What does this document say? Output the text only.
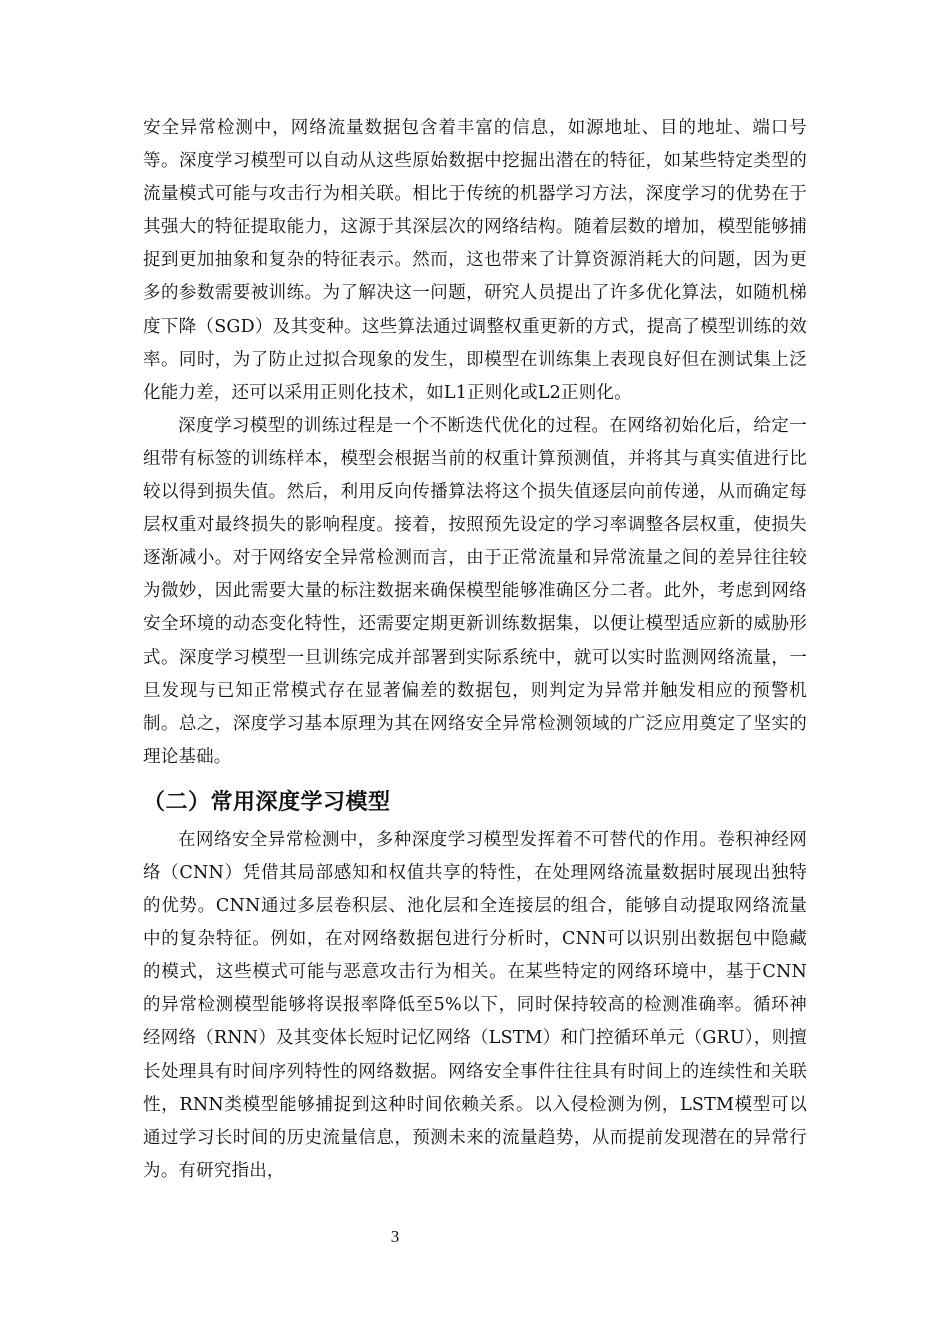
安全异常检测中，网络流量数据包含着丰富的信息，如源地址、目的地址、端口号等。深度学习模型可以自动从这些原始数据中挖掘出潜在的特征，如某些特定类型的流量模式可能与攻击行为相关联。相比于传统的机器学习方法，深度学习的优势在于其强大的特征提取能力，这源于其深层次的网络结构。随着层数的增加，模型能够捕捉到更加抽象和复杂的特征表示。然而，这也带来了计算资源消耗大的问题，因为更多的参数需要被训练。为了解决这一问题，研究人员提出了许多优化算法，如随机梯度下降（SGD）及其变种。这些算法通过调整权重更新的方式，提高了模型训练的效率。同时，为了防止过拟合现象的发生，即模型在训练集上表现良好但在测试集上泛化能力差，还可以采用正则化技术，如L1正则化或L2正则化。

深度学习模型的训练过程是一个不断迭代优化的过程。在网络初始化后，给定一组带有标签的训练样本，模型会根据当前的权重计算预测值，并将其与真实值进行比较以得到损失值。然后，利用反向传播算法将这个损失值逐层向前传递，从而确定每层权重对最终损失的影响程度。接着，按照预先设定的学习率调整各层权重，使损失逐渐减小。对于网络安全异常检测而言，由于正常流量和异常流量之间的差异往往较为微妙，因此需要大量的标注数据来确保模型能够准确区分二者。此外，考虑到网络安全环境的动态变化特性，还需要定期更新训练数据集，以便让模型适应新的威胁形式。深度学习模型一旦训练完成并部署到实际系统中，就可以实时监测网络流量，一旦发现与已知正常模式存在显著偏差的数据包，则判定为异常并触发相应的预警机制。总之，深度学习基本原理为其在网络安全异常检测领域的广泛应用奠定了坚实的理论基础。

（二）常用深度学习模型

在网络安全异常检测中，多种深度学习模型发挥着不可替代的作用。卷积神经网络（CNN）凭借其局部感知和权值共享的特性，在处理网络流量数据时展现出独特的优势。CNN通过多层卷积层、池化层和全连接层的组合，能够自动提取网络流量中的复杂特征。例如，在对网络数据包进行分析时，CNN可以识别出数据包中隐藏的模式，这些模式可能与恶意攻击行为相关。在某些特定的网络环境中，基于CNN的异常检测模型能够将误报率降低至5%以下，同时保持较高的检测准确率。循环神经网络（RNN）及其变体长短时记忆网络（LSTM）和门控循环单元（GRU），则擅长处理具有时间序列特性的网络数据。网络安全事件往往具有时间上的连续性和关联性，RNN类模型能够捕捉到这种时间依赖关系。以入侵检测为例，LSTM模型可以通过学习长时间的历史流量信息，预测未来的流量趋势，从而提前发现潜在的异常行为。有研究指出，

3
